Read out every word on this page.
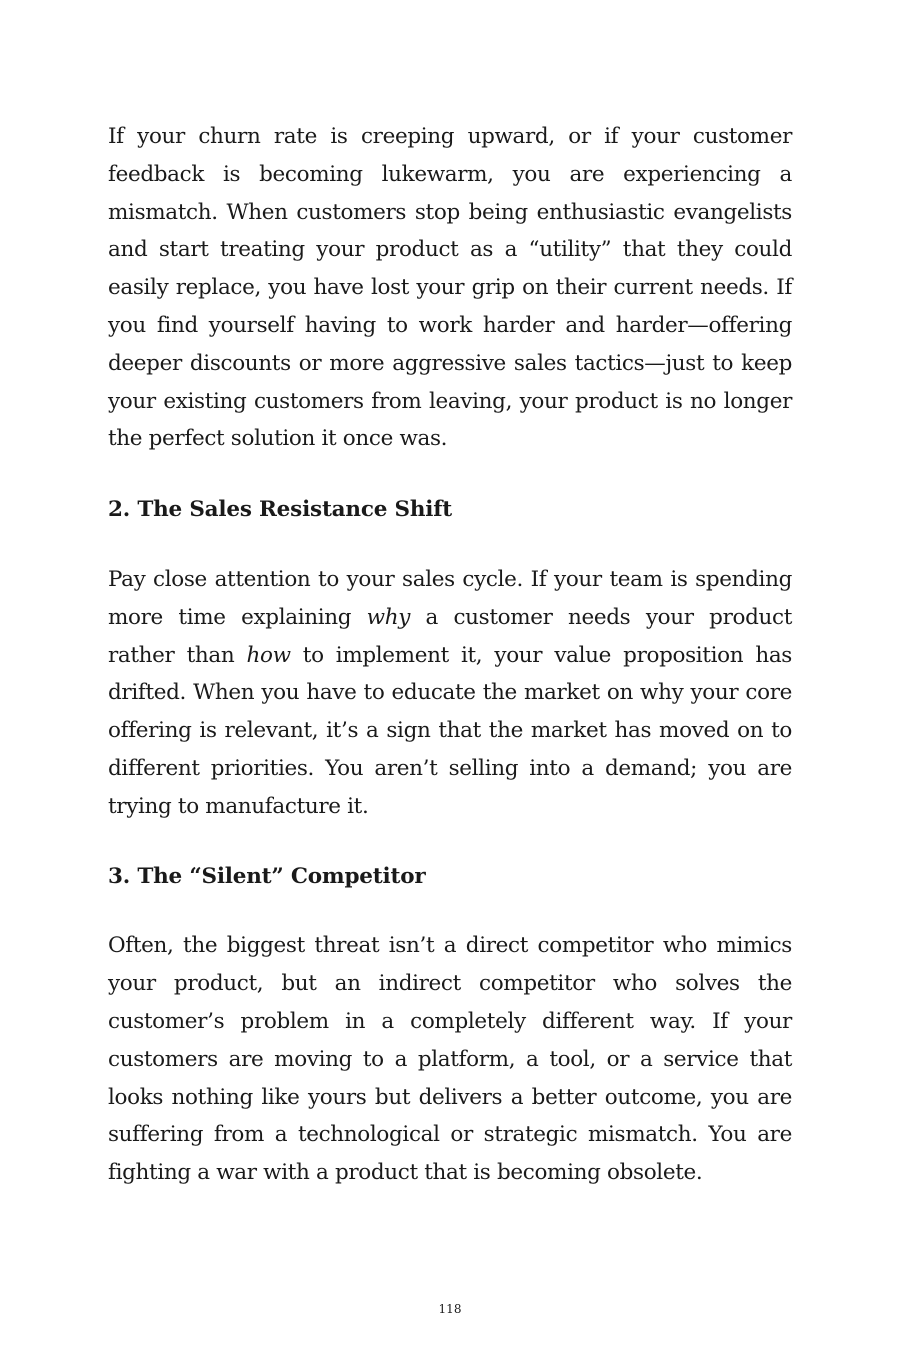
If your churn rate is creeping upward, or if your customer feedback is becoming lukewarm, you are experiencing a mismatch. When customers stop being enthusiastic evangelists and start treating your product as a “utility” that they could easily replace, you have lost your grip on their current needs. If you find yourself having to work harder and harder—offering deeper discounts or more aggressive sales tactics—just to keep your existing customers from leaving, your product is no longer the perfect solution it once was.

2. The Sales Resistance Shift

Pay close attention to your sales cycle. If your team is spending more time explaining why a customer needs your product rather than how to implement it, your value proposition has drifted. When you have to educate the market on why your core offering is relevant, it’s a sign that the market has moved on to different priorities. You aren’t selling into a demand; you are trying to manufacture it.

3. The “Silent” Competitor

Often, the biggest threat isn’t a direct competitor who mimics your product, but an indirect competitor who solves the customer’s problem in a completely different way. If your customers are moving to a platform, a tool, or a service that looks nothing like yours but delivers a better outcome, you are suffering from a technological or strategic mismatch. You are fighting a war with a product that is becoming obsolete.

118
